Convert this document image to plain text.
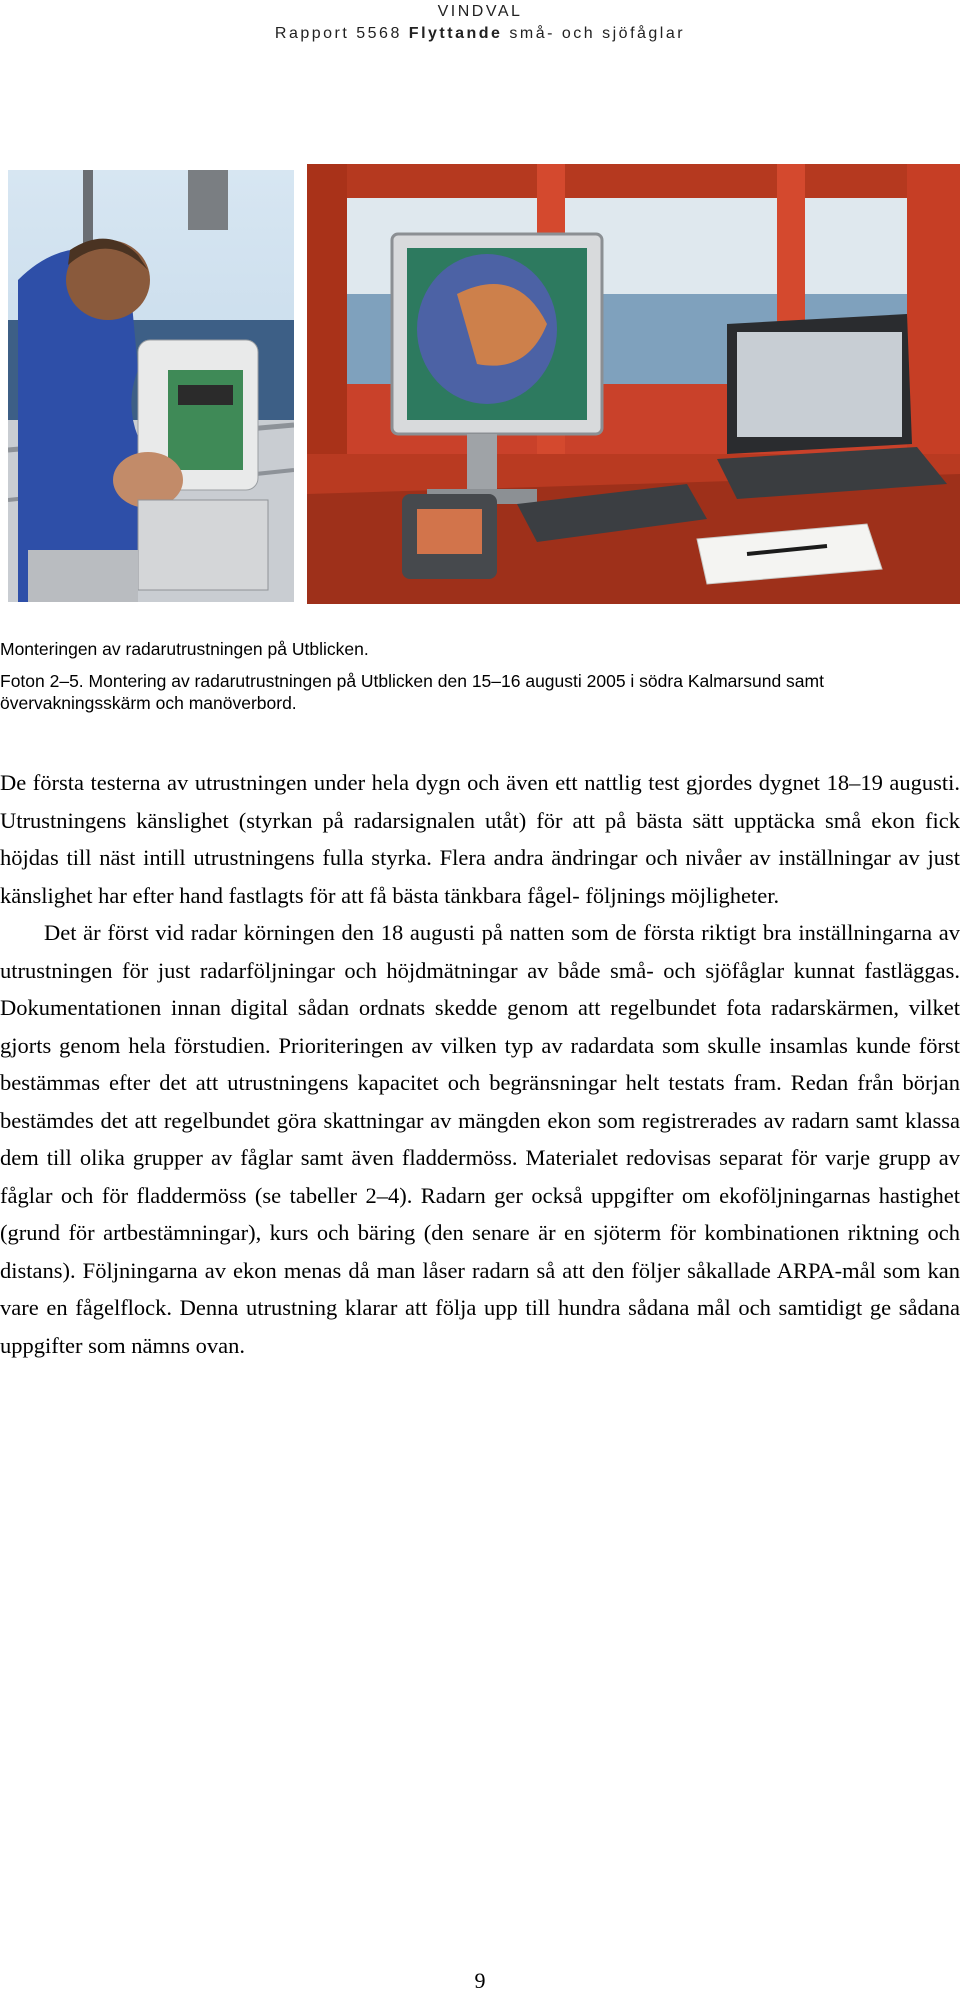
VINDVAL
Rapport 5568 Flyttande små- och sjöfåglar
Monteringen av radarutrustningen på Utblicken.
Foton 2–5. Montering av radarutrustningen på Utblicken den 15–16 augusti 2005 i södra Kalmarsund samt övervakningsskärm och manöverbord.

De första testerna av utrustningen under hela dygn och även ett nattlig test gjordes dygnet 18–19 augusti. Utrustningens känslighet (styrkan på radarsignalen utåt) för att på bästa sätt upptäcka små ekon fick höjdas till näst intill utrustningens fulla styrka. Flera andra ändringar och nivåer av inställningar av just känslighet har efter hand fastlagts för att få bästa tänkbara fågel- följnings möjligheter.

Det är först vid radar körningen den 18 augusti på natten som de första riktigt bra inställningarna av utrustningen för just radarföljningar och höjdmätningar av både små- och sjöfåglar kunnat fastläggas. Dokumentationen innan digital sådan ordnats skedde genom att regelbundet fota radarskärmen, vilket gjorts genom hela förstudien. Prioriteringen av vilken typ av radardata som skulle insamlas kunde först bestämmas efter det att utrustningens kapacitet och begränsningar helt testats fram. Redan från början bestämdes det att regelbundet göra skattningar av mängden ekon som registrerades av radarn samt klassa dem till olika grupper av fåglar samt även fladdermöss. Materialet redovisas separat för varje grupp av fåglar och för fladdermöss (se tabeller 2–4). Radarn ger också uppgifter om ekoföljningarnas hastighet (grund för artbestämningar), kurs och bäring (den senare är en sjöterm för kombinationen riktning och distans). Följningarna av ekon menas då man låser radarn så att den följer såkallade ARPA-mål som kan vare en fågelflock. Denna utrustning klarar att följa upp till hundra sådana mål och samtidigt ge sådana uppgifter som nämns ovan.

9
